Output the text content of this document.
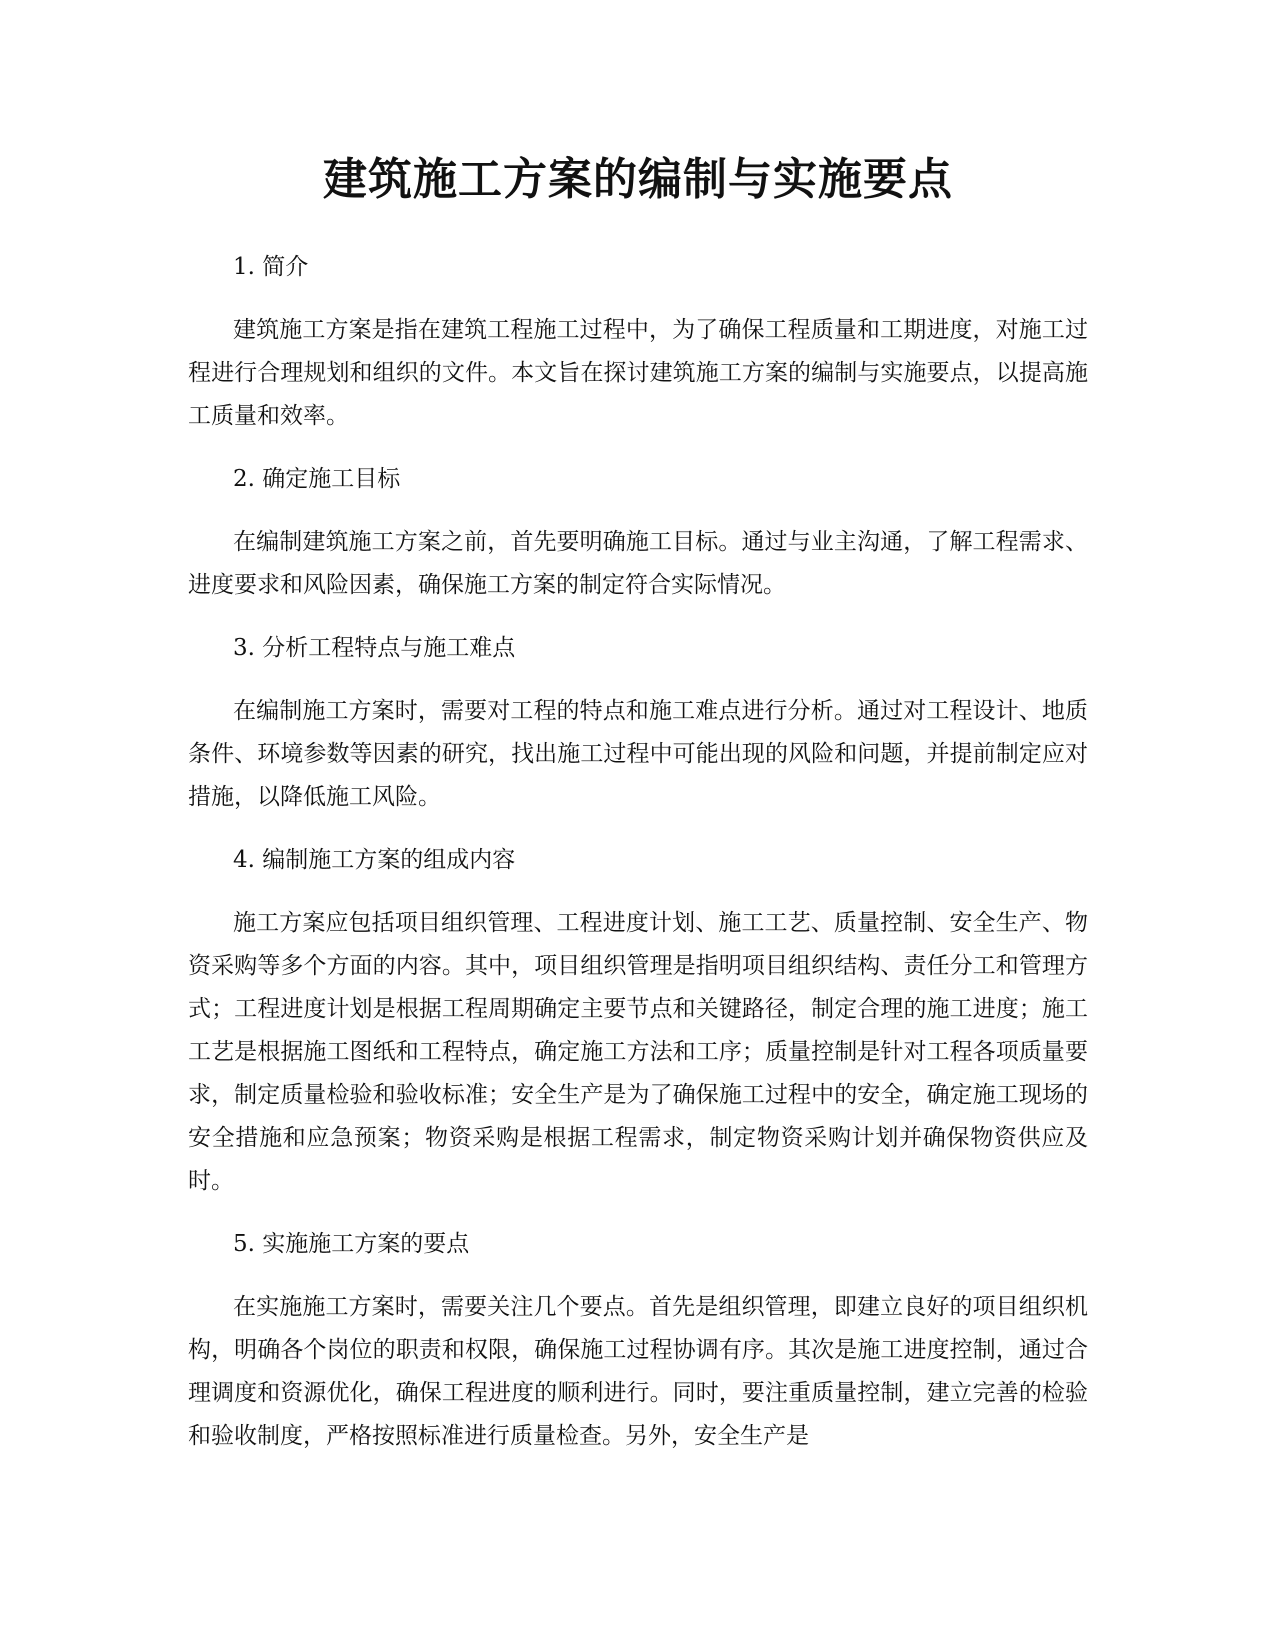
建筑施工方案的编制与实施要点

1. 简介

建筑施工方案是指在建筑工程施工过程中，为了确保工程质量和工期进度，对施工过程进行合理规划和组织的文件。本文旨在探讨建筑施工方案的编制与实施要点，以提高施工质量和效率。

2. 确定施工目标

在编制建筑施工方案之前，首先要明确施工目标。通过与业主沟通，了解工程需求、进度要求和风险因素，确保施工方案的制定符合实际情况。

3. 分析工程特点与施工难点

在编制施工方案时，需要对工程的特点和施工难点进行分析。通过对工程设计、地质条件、环境参数等因素的研究，找出施工过程中可能出现的风险和问题，并提前制定应对措施，以降低施工风险。

4. 编制施工方案的组成内容

施工方案应包括项目组织管理、工程进度计划、施工工艺、质量控制、安全生产、物资采购等多个方面的内容。其中，项目组织管理是指明项目组织结构、责任分工和管理方式；工程进度计划是根据工程周期确定主要节点和关键路径，制定合理的施工进度；施工工艺是根据施工图纸和工程特点，确定施工方法和工序；质量控制是针对工程各项质量要求，制定质量检验和验收标准；安全生产是为了确保施工过程中的安全，确定施工现场的安全措施和应急预案；物资采购是根据工程需求，制定物资采购计划并确保物资供应及时。

5. 实施施工方案的要点

在实施施工方案时，需要关注几个要点。首先是组织管理，即建立良好的项目组织机构，明确各个岗位的职责和权限，确保施工过程协调有序。其次是施工进度控制，通过合理调度和资源优化，确保工程进度的顺利进行。同时，要注重质量控制，建立完善的检验和验收制度，严格按照标准进行质量检查。另外，安全生产是
